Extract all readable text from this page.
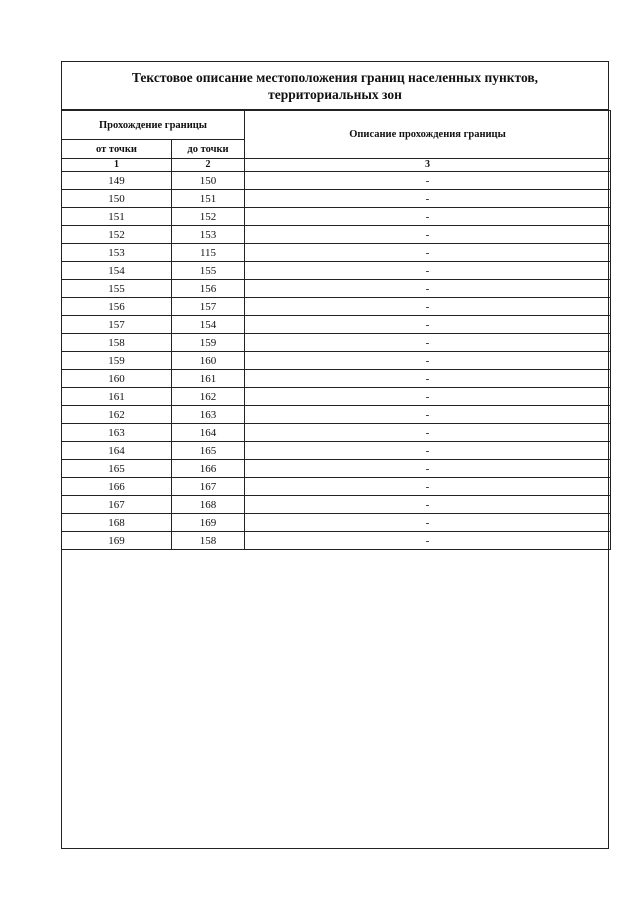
Текстовое описание местоположения границ населенных пунктов,
территориальных зон
Прохождение границы		Описание прохождения границы
от точки	до точки	
1	2	3
149	150	-
150	151	-
151	152	-
152	153	-
153	115	-
154	155	-
155	156	-
156	157	-
157	154	-
158	159	-
159	160	-
160	161	-
161	162	-
162	163	-
163	164	-
164	165	-
165	166	-
166	167	-
167	168	-
168	169	-
169	158	-
